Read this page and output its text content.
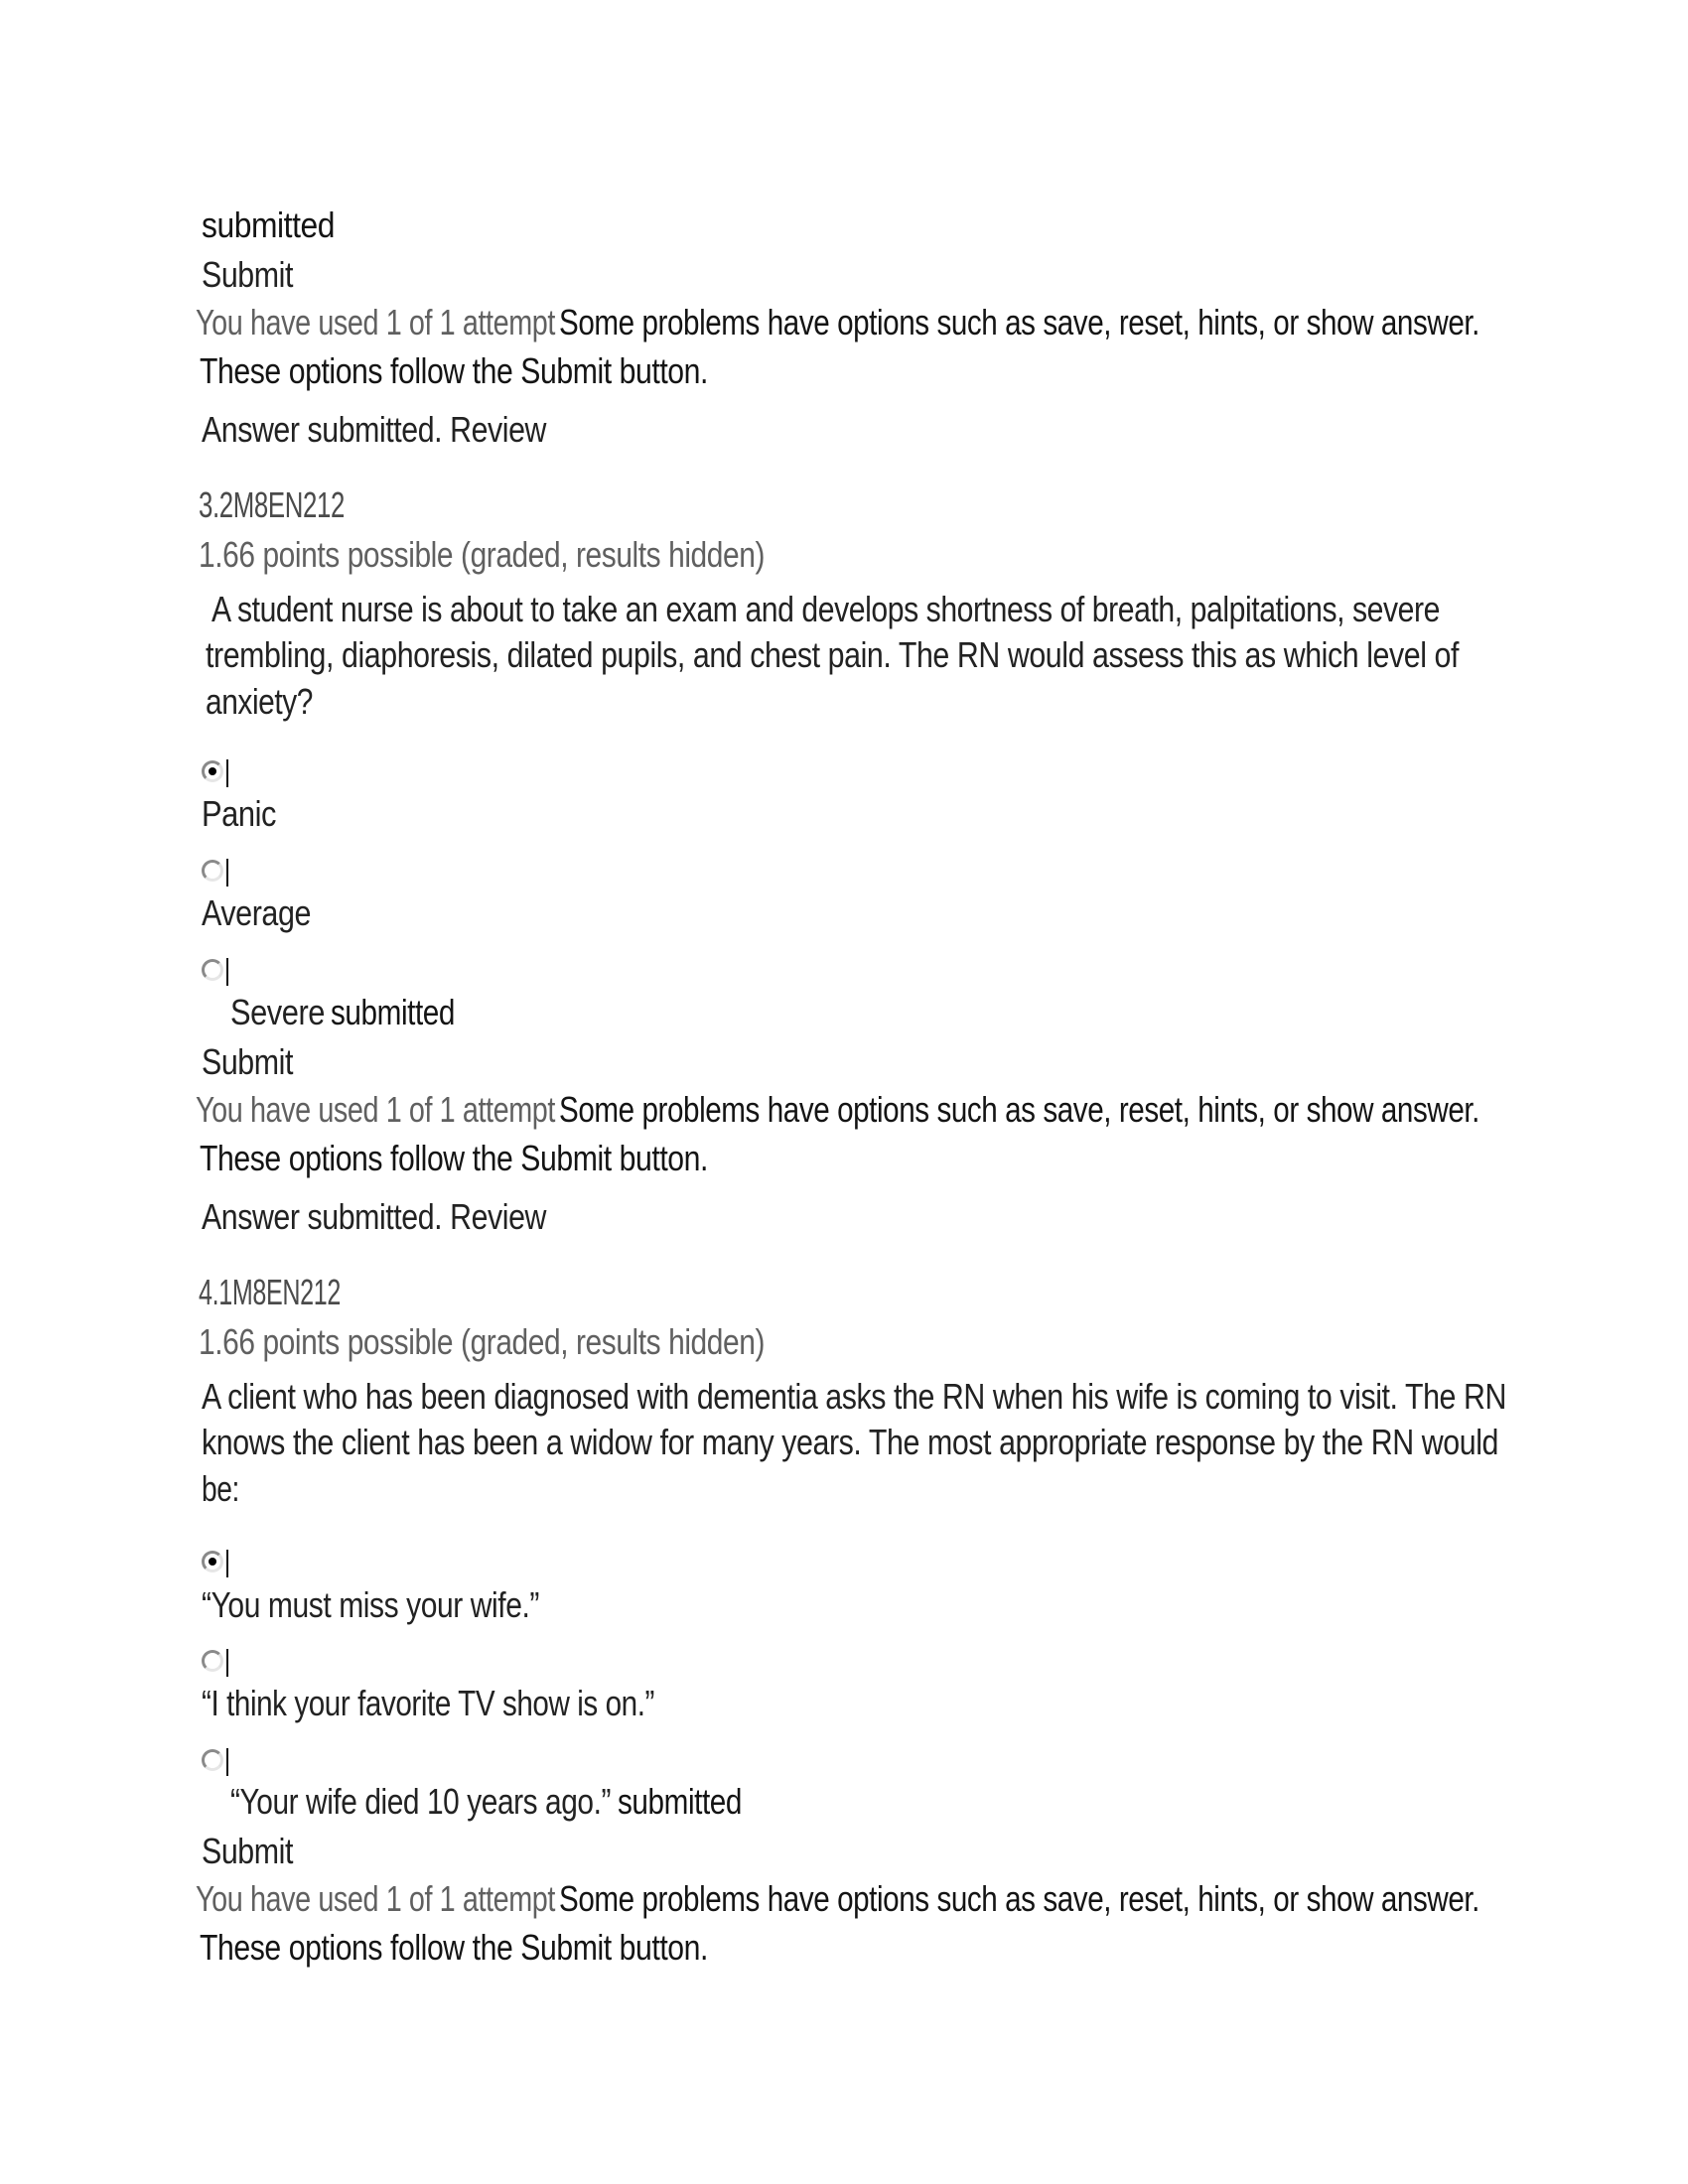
submitted
Submit
You have used 1 of 1 attempt Some problems have options such as save, reset, hints, or show answer.
These options follow the Submit button.
Answer submitted. Review
3.2M8EN212
1.66 points possible (graded, results hidden)
A student nurse is about to take an exam and develops shortness of breath, palpitations, severe
trembling, diaphoresis, dilated pupils, and chest pain. The RN would assess this as which level of
anxiety?
Panic
Average
Severe submitted
Submit
You have used 1 of 1 attempt Some problems have options such as save, reset, hints, or show answer.
These options follow the Submit button.
Answer submitted. Review
4.1M8EN212
1.66 points possible (graded, results hidden)
A client who has been diagnosed with dementia asks the RN when his wife is coming to visit. The RN
knows the client has been a widow for many years. The most appropriate response by the RN would
be:
“You must miss your wife.”
“I think your favorite TV show is on.”
“Your wife died 10 years ago.” submitted
Submit
You have used 1 of 1 attempt Some problems have options such as save, reset, hints, or show answer.
These options follow the Submit button.
